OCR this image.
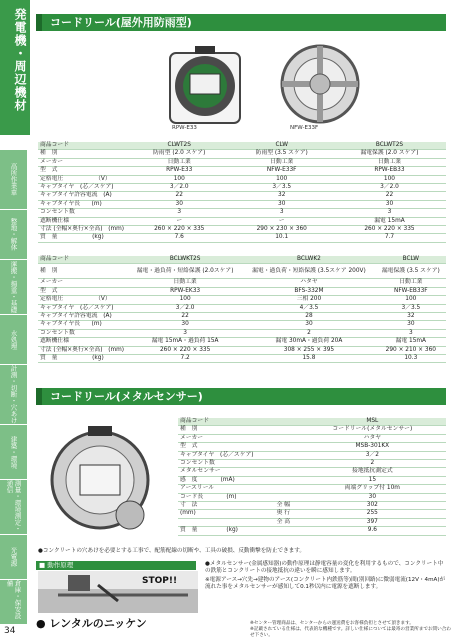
発電機・周辺機材
高所作業車
整地・解体
運搬・揚重・基礎
水処理
計測・切断・穴あけ
建築・環境
測量・環境測定・通信
光電源
倉庫・保安設備
34
コードリール(屋外用防雨型)
RPW-E33	NFW-E33F
商品コード	CLWT2S	CLW	BCLWT2S
種　別	防雨型 (2.0 スケア)	防雨型 (3.5 スケア)	漏電保護 (2.0 スケア)
メーカー	日動工業	日動工業	日動工業
型　式	RPW-E33	NFW-E33F	RPW-EB33
定格電圧　　　　　　（V）	100	100	100
キャブタイヤ　(芯／スケア)	3／2.0	3／3.5	3／2.0
キャブタイヤ許容電流　(A)	22	32	22
キャブタイヤ長　　(m)	30	30	30
コンセント数	3	3	3
遮断機仕様	ー	ー	漏電 15mA
寸法 (全幅×奥行×全高)　(mm)	260 × 220 × 335	290 × 230 × 360	260 × 220 × 335
質　量　　　　　　(kg)	7.6	10.1	7.7
商品コード	BCLWKT2S	BCLWK2	BCLW
種　別	漏電・過負荷・短絡保護 (2.0スケア)	漏電・過負荷・短絡保護 (3.5スケア 200V)	漏電保護 (3.5 スケア)
メーカー	日動工業	ハタヤ	日動工業
型　式	RPW-EK33	BFS-332M	NFW-EB33F
定格電圧　　　　　　（V）	100	三相 200	100
キャブタイヤ　(芯／スケア)	3／2.0	4／3.5	3／3.5
キャブタイヤ許容電流　(A)	22	28	32
キャブタイヤ長　　(m)	30	30	30
コンセント数	3	2	3
遮断機仕様	漏電 15mA・過負荷 15A	漏電 30mA・過負荷 20A	漏電 15mA
寸法 (全幅×奥行×全高)　(mm)	260 × 220 × 335	308 × 255 × 395	290 × 210 × 360
質　量　　　　　　(kg)	7.2	15.8	10.3
コードリール(メタルセンサー)
商品コード		MSL
種　別		コードリール(メタルセンサー)
メーカー		ハタヤ
型　式		MSB-301KX
キャブタイヤ　(芯／スケア)		3／2
コンセント数		2
メタルセンサー		接地抵抗測定式
感　度　　　　(mA)		15
アースリール		両端グリップ付 10m
コード長　　　　(m)		30
寸　法	全 幅	302
(mm)	奥 行	255
	全 高	397
質　量　　　　　(kg)		9.6
●コンクリートの穴あけを必要とする工事で、配筋配線の切断や、工具の破損、反動衝撃を防止できます。
■ 動作原理
STOP!!
●メタルセンサー(金属感知器)の動作原理は静電容量の変化を利用するもので、コンクリート中の鉄筋とコンクリートの接地抵抗の違いを瞬に感知します。
※電源アース→穴先→建物のアース(コンクリート内鉄筋等)間(別回路)に微弱電流(12V・4mA)が流れた事をメタルセンサーが感知して0.1秒以内に電源を遮断します。
● レンタルのニッケン	※センター管理商品は、センターからの運送費をお客様負担とさせて頂きます。
※記載されている仕様は、代表的な機種です。詳しい仕様については最寄の営業所までお問い合わせ下さい。
